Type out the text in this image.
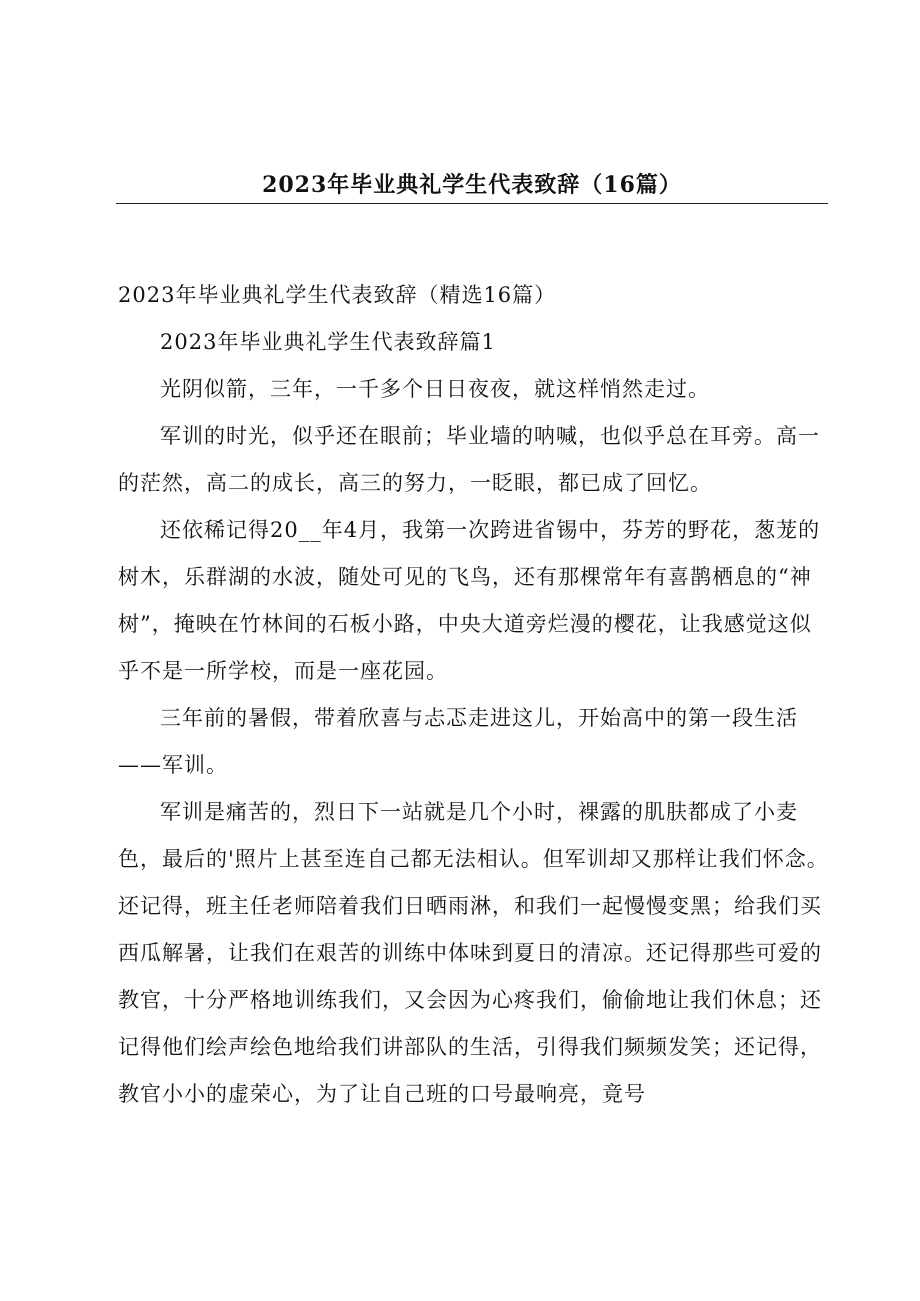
2023年毕业典礼学生代表致辞（16篇）

2023年毕业典礼学生代表致辞（精选16篇）

2023年毕业典礼学生代表致辞篇1

光阴似箭，三年，一千多个日日夜夜，就这样悄然走过。

军训的时光，似乎还在眼前；毕业墙的呐喊，也似乎总在耳旁。高一的茫然，高二的成长，高三的努力，一眨眼，都已成了回忆。

还依稀记得20__年4月，我第一次跨进省锡中，芬芳的野花，葱茏的树木，乐群湖的水波，随处可见的飞鸟，还有那棵常年有喜鹊栖息的“神树”，掩映在竹林间的石板小路，中央大道旁烂漫的樱花，让我感觉这似乎不是一所学校，而是一座花园。

三年前的暑假，带着欣喜与忐忑走进这儿，开始高中的第一段生活——军训。

军训是痛苦的，烈日下一站就是几个小时，裸露的肌肤都成了小麦色，最后的'照片上甚至连自己都无法相认。但军训却又那样让我们怀念。还记得，班主任老师陪着我们日晒雨淋，和我们一起慢慢变黑；给我们买西瓜解暑，让我们在艰苦的训练中体味到夏日的清凉。还记得那些可爱的教官，十分严格地训练我们，又会因为心疼我们，偷偷地让我们休息；还记得他们绘声绘色地给我们讲部队的生活，引得我们频频发笑；还记得，教官小小的虚荣心，为了让自己班的口号最响亮，竟号
